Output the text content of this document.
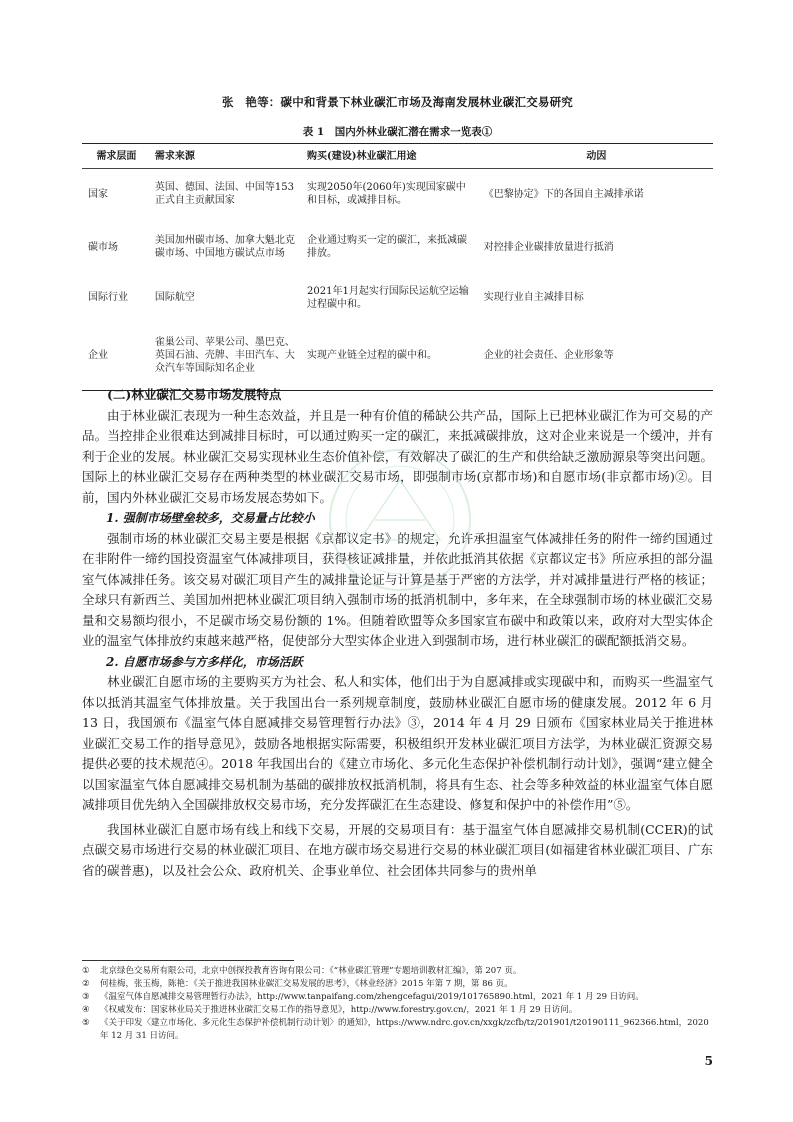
张　艳等：碳中和背景下林业碳汇市场及海南发展林业碳汇交易研究
表 1　国内外林业碳汇潜在需求一览表①
需求层面	需求来源	购买(建设)林业碳汇用途	动因
国家	英国、德国、法国、中国等153正式自主贡献国家	实现2050年(2060年)实现国家碳中和目标，或减排目标。	《巴黎协定》下的各国自主减排承诺
碳市场	美国加州碳市场、加拿大魁北克碳市场、中国地方碳试点市场	企业通过购买一定的碳汇，来抵减碳排放。	对控排企业碳排放量进行抵消
国际行业	国际航空	2021年1月起实行国际民运航空运输过程碳中和。	实现行业自主减排目标
企业	雀巢公司、苹果公司、墨巴克、英国石油、壳牌、丰田汽车、大众汽车等国际知名企业	实现产业链全过程的碳中和。	企业的社会责任、企业形象等
(二)林业碳汇交易市场发展特点

由于林业碳汇表现为一种生态效益，并且是一种有价值的稀缺公共产品，国际上已把林业碳汇作为可交易的产品。当控排企业很难达到减排目标时，可以通过购买一定的碳汇，来抵减碳排放，这对企业来说是一个缓冲，并有利于企业的发展。林业碳汇交易实现林业生态价值补偿，有效解决了碳汇的生产和供给缺乏激励源泉等突出问题。国际上的林业碳汇交易存在两种类型的林业碳汇交易市场，即强制市场(京都市场)和自愿市场(非京都市场)②。目前，国内外林业碳汇交易市场发展态势如下。

1. 强制市场壁垒较多，交易量占比较小

强制市场的林业碳汇交易主要是根据《京都议定书》的规定，允许承担温室气体减排任务的附件一缔约国通过在非附件一缔约国投资温室气体减排项目，获得核证减排量，并依此抵消其依据《京都议定书》所应承担的部分温室气体减排任务。该交易对碳汇项目产生的减排量论证与计算是基于严密的方法学，并对减排量进行严格的核证；全球只有新西兰、美国加州把林业碳汇项目纳入强制市场的抵消机制中，多年来，在全球强制市场的林业碳汇交易量和交易额均很小，不足碳市场交易份额的 1%。但随着欧盟等众多国家宣布碳中和政策以来，政府对大型实体企业的温室气体排放约束越来越严格，促使部分大型实体企业进入到强制市场，进行林业碳汇的碳配额抵消交易。

2. 自愿市场参与方多样化，市场活跃

林业碳汇自愿市场的主要购买方为社会、私人和实体，他们出于为自愿减排或实现碳中和，而购买一些温室气体以抵消其温室气体排放量。关于我国出台一系列规章制度，鼓励林业碳汇自愿市场的健康发展。2012 年 6 月 13 日，我国颁布《温室气体自愿减排交易管理暂行办法》③，2014 年 4 月 29 日颁布《国家林业局关于推进林业碳汇交易工作的指导意见》，鼓励各地根据实际需要，积极组织开发林业碳汇项目方法学，为林业碳汇资源交易提供必要的技术规范④。2018 年我国出台的《建立市场化、多元化生态保护补偿机制行动计划》，强调“建立健全以国家温室气体自愿减排交易机制为基础的碳排放权抵消机制，将具有生态、社会等多种效益的林业温室气体自愿减排项目优先纳入全国碳排放权交易市场，充分发挥碳汇在生态建设、修复和保护中的补偿作用”⑤。

我国林业碳汇自愿市场有线上和线下交易，开展的交易项目有：基于温室气体自愿减排交易机制(CCER)的试点碳交易市场进行交易的林业碳汇项目、在地方碳市场交易进行交易的林业碳汇项目(如福建省林业碳汇项目、广东省的碳普惠)，以及社会公众、政府机关、企事业单位、社会团体共同参与的贵州单

①	北京绿色交易所有限公司，北京中创探投教育咨询有限公司：《“林业碳汇管理”专题培训教材汇编》，第 207 页。
②	何桂梅，张玉梅，陈艳：《关于推进我国林业碳汇交易发展的思考》，《林业经济》2015 年第 7 期，第 86 页。
③	《温室气体自愿减排交易管理暂行办法》，http://www.tanpaifang.com/zhengcefagui/2019/101765890.html，2021 年 1 月 29 日访问。
④	《权威发布：国家林业局关于推进林业碳汇交易工作的指导意见》，http://www.forestry.gov.cn/，2021 年 1 月 29 日访问。
⑤	《关于印发〈建立市场化、多元化生态保护补偿机制行动计划〉的通知》，https://www.ndrc.gov.cn/xxgk/zcfb/tz/201901/t20190111_962366.html，2020 年 12 月 31 日访问。
5
